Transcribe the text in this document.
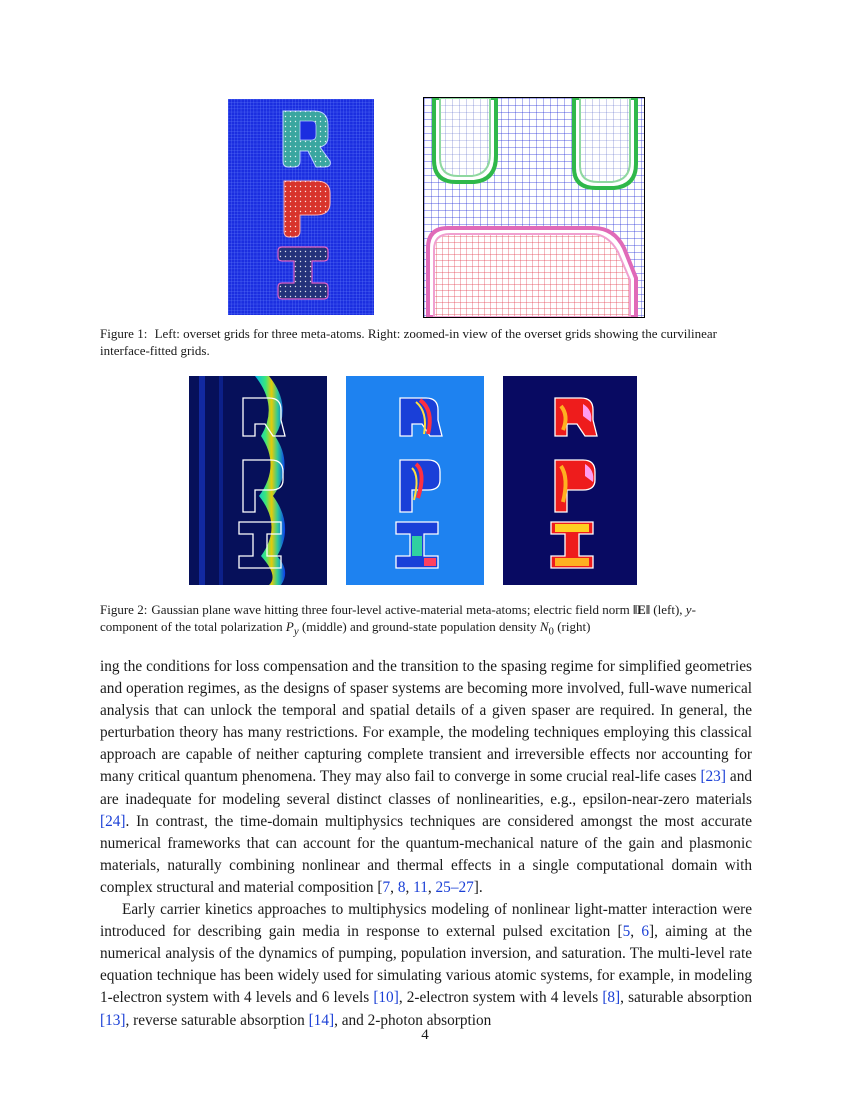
Figure 1: Left: overset grids for three meta-atoms. Right: zoomed-in view of the overset grids showing the curvilinear interface-fitted grids.
Figure 2: Gaussian plane wave hitting three four-level active-material meta-atoms; electric field norm ‖E‖ (left), y-component of the total polarization $P_y$ (middle) and ground-state population density $N_0$ (right)

ing the conditions for loss compensation and the transition to the spasing regime for simplified geometries and operation regimes, as the designs of spaser systems are becoming more involved, full-wave numerical analysis that can unlock the temporal and spatial details of a given spaser are required. In general, the perturbation theory has many restrictions. For example, the modeling techniques employing this classical approach are capable of neither capturing complete transient and irreversible effects nor accounting for many critical quantum phenomena. They may also fail to converge in some crucial real-life cases [23] and are inadequate for modeling several distinct classes of nonlinearities, e.g., epsilon-near-zero materials [24]. In contrast, the time-domain multiphysics techniques are considered amongst the most accurate numerical frameworks that can account for the quantum-mechanical nature of the gain and plasmonic materials, naturally combining nonlinear and thermal effects in a single computational domain with complex structural and material composition [7, 8, 11, 25–27].

Early carrier kinetics approaches to multiphysics modeling of nonlinear light-matter interaction were introduced for describing gain media in response to external pulsed excitation [5, 6], aiming at the numerical analysis of the dynamics of pumping, population inversion, and saturation. The multi-level rate equation technique has been widely used for simulating various atomic systems, for example, in modeling 1-electron system with 4 levels and 6 levels [10], 2-electron system with 4 levels [8], saturable absorption [13], reverse saturable absorption [14], and 2-photon absorption

4
